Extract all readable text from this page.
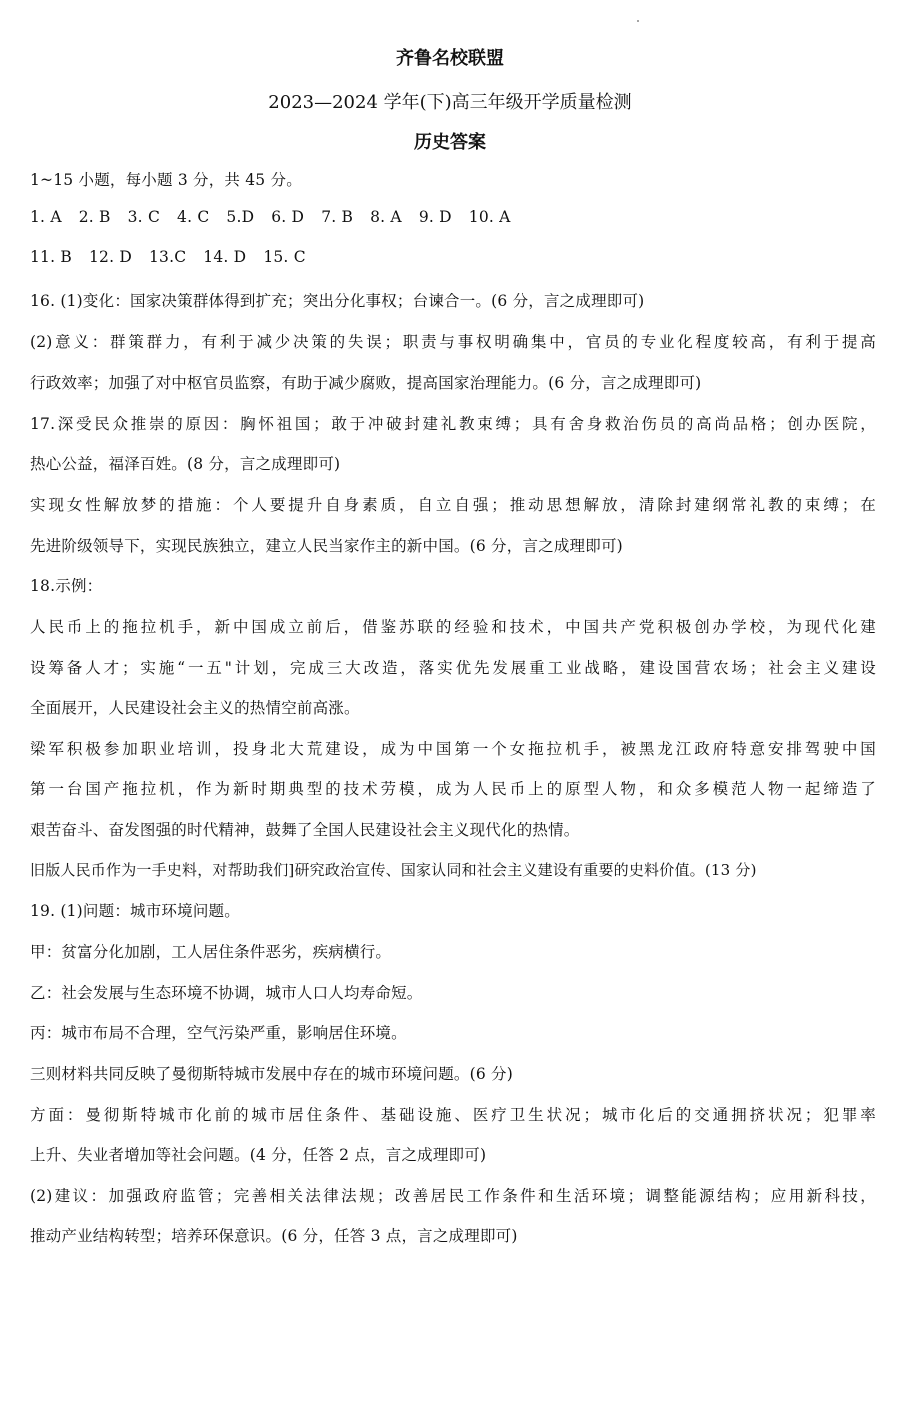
齐鲁名校联盟
2023—2024 学年(下)高三年级开学质量检测
历史答案
1~15 小题，每小题 3 分，共 45 分。
1. A 2. B 3. C 4. C 5.D 6. D 7. B 8. A 9. D 10. A
11. B 12. D 13.C 14. D 15. C
16. (1)变化：国家决策群体得到扩充；突出分化事权；台谏合一。(6 分，言之成理即可)
(2)意义：群策群力，有利于减少决策的失误；职责与事权明确集中，官员的专业化程度较高，有利于提高
行政效率；加强了对中枢官员监察，有助于减少腐败，提高国家治理能力。(6 分，言之成理即可)
17.深受民众推崇的原因：胸怀祖国；敢于冲破封建礼教束缚；具有舍身救治伤员的高尚品格；创办医院，
热心公益，福泽百姓。(8 分，言之成理即可)
实现女性解放梦的措施：个人要提升自身素质，自立自强；推动思想解放，清除封建纲常礼教的束缚；在
先进阶级领导下，实现民族独立，建立人民当家作主的新中国。(6 分，言之成理即可)
18.示例：
人民币上的拖拉机手，新中国成立前后，借鉴苏联的经验和技术，中国共产党积极创办学校，为现代化建
设筹备人才；实施“一五"计划，完成三大改造，落实优先发展重工业战略，建设国营农场；社会主义建设
全面展开，人民建设社会主义的热情空前高涨。
梁军积极参加职业培训，投身北大荒建设，成为中国第一个女拖拉机手，被黑龙江政府特意安排驾驶中国
第一台国产拖拉机，作为新时期典型的技术劳模，成为人民币上的原型人物，和众多模范人物一起缔造了
艰苦奋斗、奋发图强的时代精神，鼓舞了全国人民建设社会主义现代化的热情。
旧版人民币作为一手史料，对帮助我们]研究政治宣传、国家认同和社会主义建设有重要的史料价值。(13 分)
19. (1)问题：城市环境问题。
甲：贫富分化加剧，工人居住条件恶劣，疾病横行。
乙：社会发展与生态环境不协调，城市人口人均寿命短。
丙：城市布局不合理，空气污染严重，影响居住环境。
三则材料共同反映了曼彻斯特城市发展中存在的城市环境问题。(6 分)
方面：曼彻斯特城市化前的城市居住条件、基础设施、医疗卫生状况；城市化后的交通拥挤状况；犯罪率
上升、失业者增加等社会问题。(4 分，任答 2 点，言之成理即可)
(2)建议：加强政府监管；完善相关法律法规；改善居民工作条件和生活环境；调整能源结构；应用新科技，
推动产业结构转型；培养环保意识。(6 分，任答 3 点，言之成理即可)
